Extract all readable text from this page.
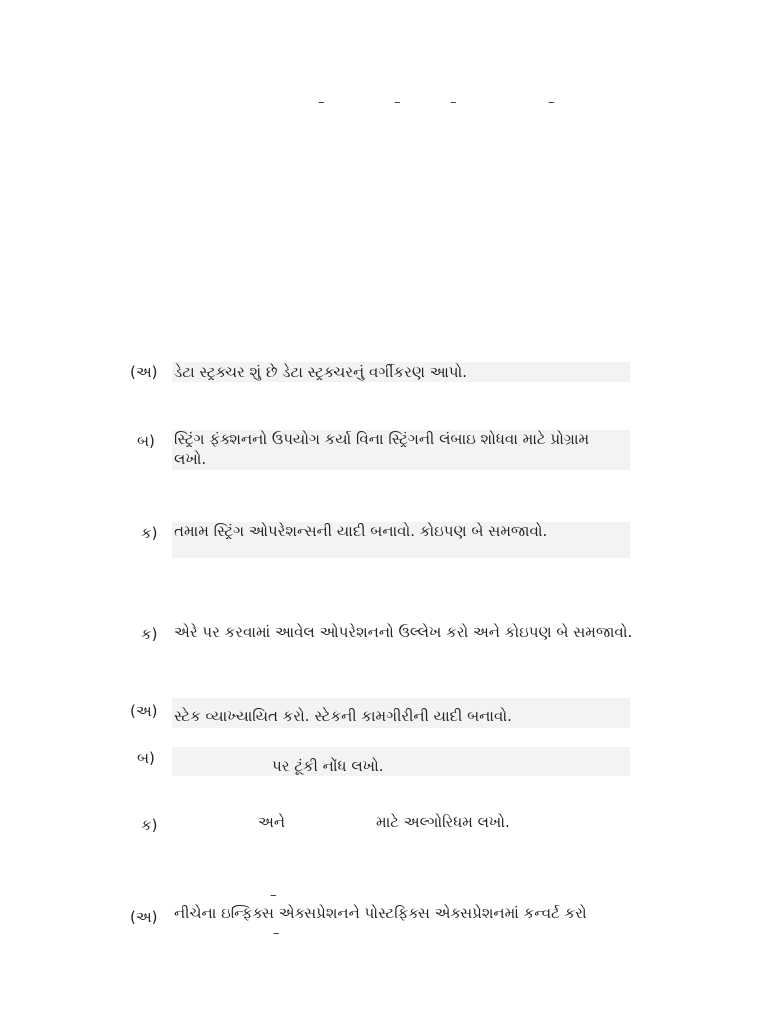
–	–	–	–
(અ) ડેટા સ્ટ્રક્ચર શું છે ડેટા સ્ટ્રક્ચરનું વર્ગીકરણ આપો.
બ) સ્ટ્રિંગ ફંક્શનનો ઉપયોગ કર્યા વિના સ્ટ્રિંગની લંબાઇ શોધવા માટે પ્રોગ્રામ
લખો.
ક) તમામ સ્ટ્રિંગ ઓપરેશન્સની યાદી બનાવો. કોઇપણ બે સમજાવો.
ક) એરે પર કરવામાં આવેલ ઓપરેશનનો ઉલ્લેખ કરો અને કોઇપણ બે સમજાવો.
(અ) સ્ટેક વ્યાખ્યાયિત કરો. સ્ટેકની કામગીરીની યાદી બનાવો.
બ)	પર ટૂંકી નોંધ લખો.
ક)	અને	માટે અલ્ગોરિધમ લખો.
–
(અ) નીચેના ઇન્ફિક્સ એક્સપ્રેશનને પોસ્ટફિક્સ એક્સપ્રેશનમાં કન્વર્ટ કરો
–
